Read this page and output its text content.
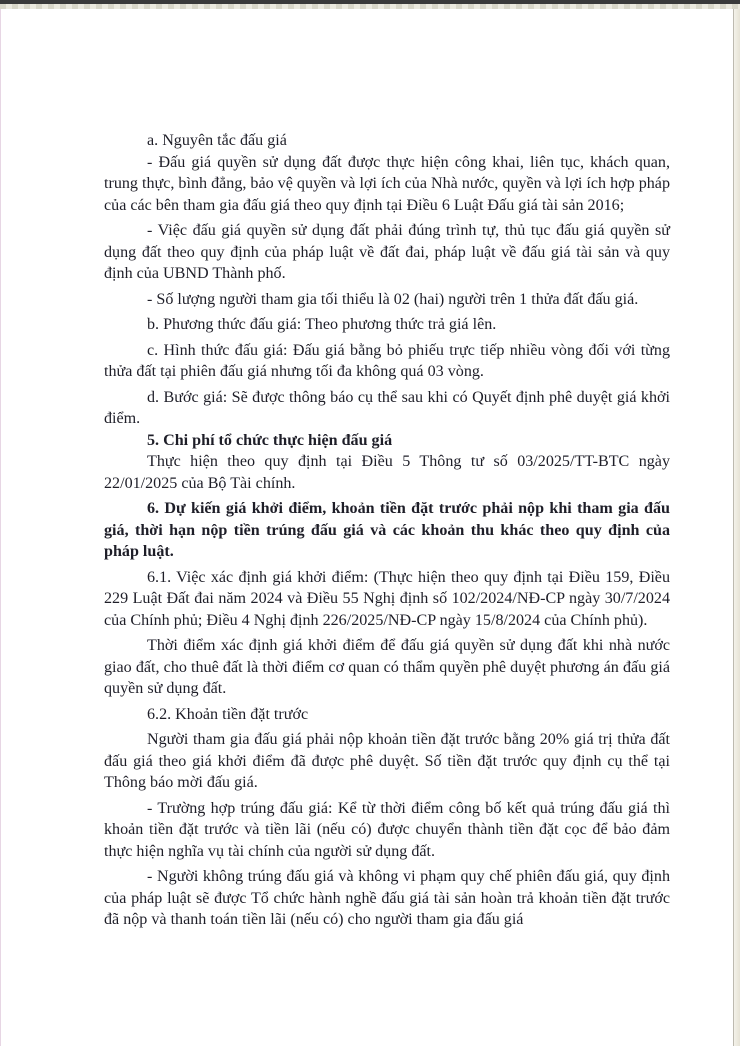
a. Nguyên tắc đấu giá

- Đấu giá quyền sử dụng đất được thực hiện công khai, liên tục, khách quan, trung thực, bình đẳng, bảo vệ quyền và lợi ích của Nhà nước, quyền và lợi ích hợp pháp của các bên tham gia đấu giá theo quy định tại Điều 6 Luật Đấu giá tài sản 2016;

- Việc đấu giá quyền sử dụng đất phải đúng trình tự, thủ tục đấu giá quyền sử dụng đất theo quy định của pháp luật về đất đai, pháp luật về đấu giá tài sản và quy định của UBND Thành phố.

- Số lượng người tham gia tối thiểu là 02 (hai) người trên 1 thửa đất đấu giá.

b. Phương thức đấu giá: Theo phương thức trả giá lên.

c. Hình thức đấu giá: Đấu giá bằng bỏ phiếu trực tiếp nhiều vòng đối với từng thửa đất tại phiên đấu giá nhưng tối đa không quá 03 vòng.

d. Bước giá: Sẽ được thông báo cụ thể sau khi có Quyết định phê duyệt giá khởi điểm.

5. Chi phí tổ chức thực hiện đấu giá

Thực hiện theo quy định tại Điều 5 Thông tư số 03/2025/TT-BTC ngày 22/01/2025 của Bộ Tài chính.

6. Dự kiến giá khởi điểm, khoản tiền đặt trước phải nộp khi tham gia đấu giá, thời hạn nộp tiền trúng đấu giá và các khoản thu khác theo quy định của pháp luật.

6.1. Việc xác định giá khởi điểm: (Thực hiện theo quy định tại Điều 159, Điều 229 Luật Đất đai năm 2024 và Điều 55 Nghị định số 102/2024/NĐ-CP ngày 30/7/2024 của Chính phủ; Điều 4 Nghị định 226/2025/NĐ-CP ngày 15/8/2024 của Chính phủ).

Thời điểm xác định giá khởi điểm để đấu giá quyền sử dụng đất khi nhà nước giao đất, cho thuê đất là thời điểm cơ quan có thẩm quyền phê duyệt phương án đấu giá quyền sử dụng đất.

6.2. Khoản tiền đặt trước

Người tham gia đấu giá phải nộp khoản tiền đặt trước bằng 20% giá trị thửa đất đấu giá theo giá khởi điểm đã được phê duyệt. Số tiền đặt trước quy định cụ thể tại Thông báo mời đấu giá.

- Trường hợp trúng đấu giá: Kể từ thời điểm công bố kết quả trúng đấu giá thì khoản tiền đặt trước và tiền lãi (nếu có) được chuyển thành tiền đặt cọc để bảo đảm thực hiện nghĩa vụ tài chính của người sử dụng đất.

- Người không trúng đấu giá và không vi phạm quy chế phiên đấu giá, quy định của pháp luật sẽ được Tổ chức hành nghề đấu giá tài sản hoàn trả khoản tiền đặt trước đã nộp và thanh toán tiền lãi (nếu có) cho người tham gia đấu giá
